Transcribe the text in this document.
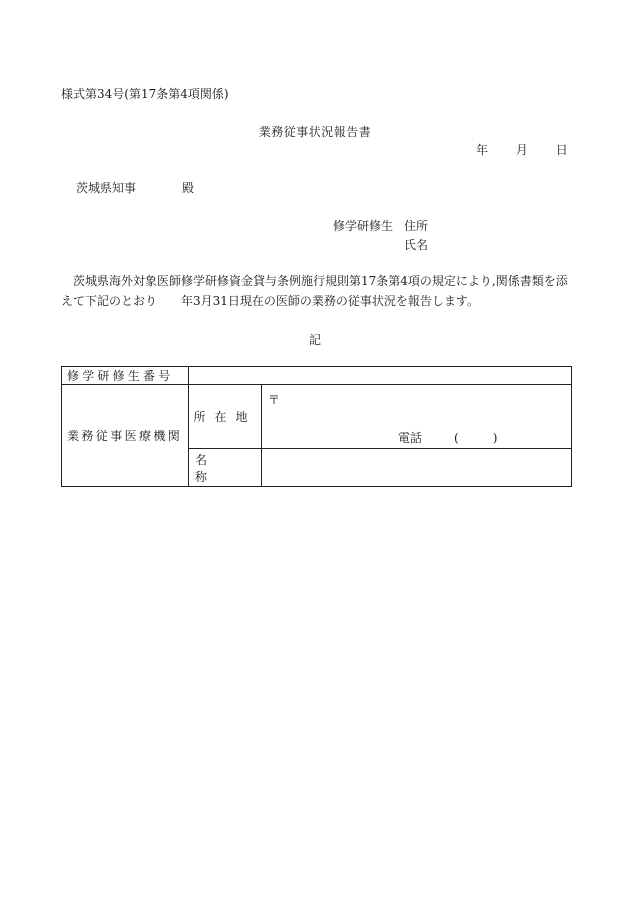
様式第34号(第17条第4項関係)
業務従事状況報告書
年 月 日
茨城県知事	殿
修学研修生 住所
氏名
茨城県海外対象医師修学研修資金貸与条例施行規則第17条第4項の規定により,関係書類を添えて下記のとおり　　年3月31日現在の医師の業務の従事状況を報告します。
記
修学研修生番号		
業務従事医療機関	所在地	〒
電話 ( )

	名称	
